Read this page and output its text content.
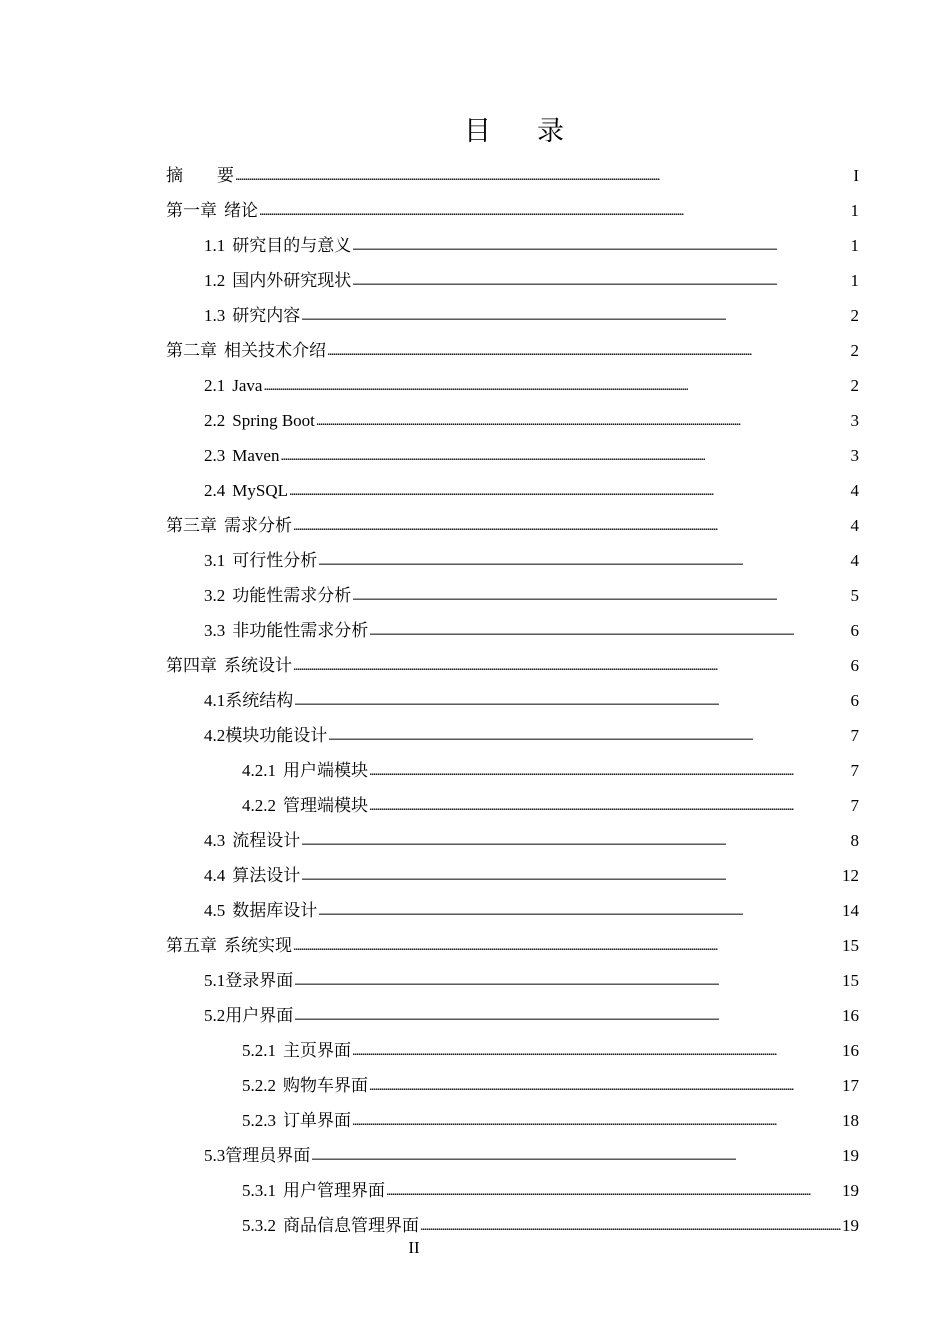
目 录
摘　　要 . . .	I
第一章 绪论 . . .	1
1.1 研究目的与意义 . . .	1
1.2 国内外研究现状 . . .	1
1.3 研究内容 . . .	2
第二章 相关技术介绍 . . .	2
2.1 Java . . .	2
2.2 Spring Boot . . .	3
2.3 Maven . . .	3
2.4 MySQL . . .	4
第三章 需求分析 . . .	4
3.1 可行性分析 . . .	4
3.2 功能性需求分析 . . .	5
3.3 非功能性需求分析 . . .	6
第四章 系统设计 . . .	6
4.1系统结构 . . .	6
4.2模块功能设计 . . .	7
4.2.1 用户端模块 . . .	7
4.2.2 管理端模块 . . .	7
4.3 流程设计 . . .	8
4.4 算法设计 . . .	12
4.5 数据库设计 . . .	14
第五章 系统实现 . . .	15
5.1登录界面 . . .	15
5.2用户界面 . . .	16
5.2.1 主页界面 . . .	16
5.2.2 购物车界面 . . .	17
5.2.3 订单界面 . . .	18
5.3管理员界面 . . .	19
5.3.1 用户管理界面 . . .	19
5.3.2 商品信息管理界面 . . .	19
II
